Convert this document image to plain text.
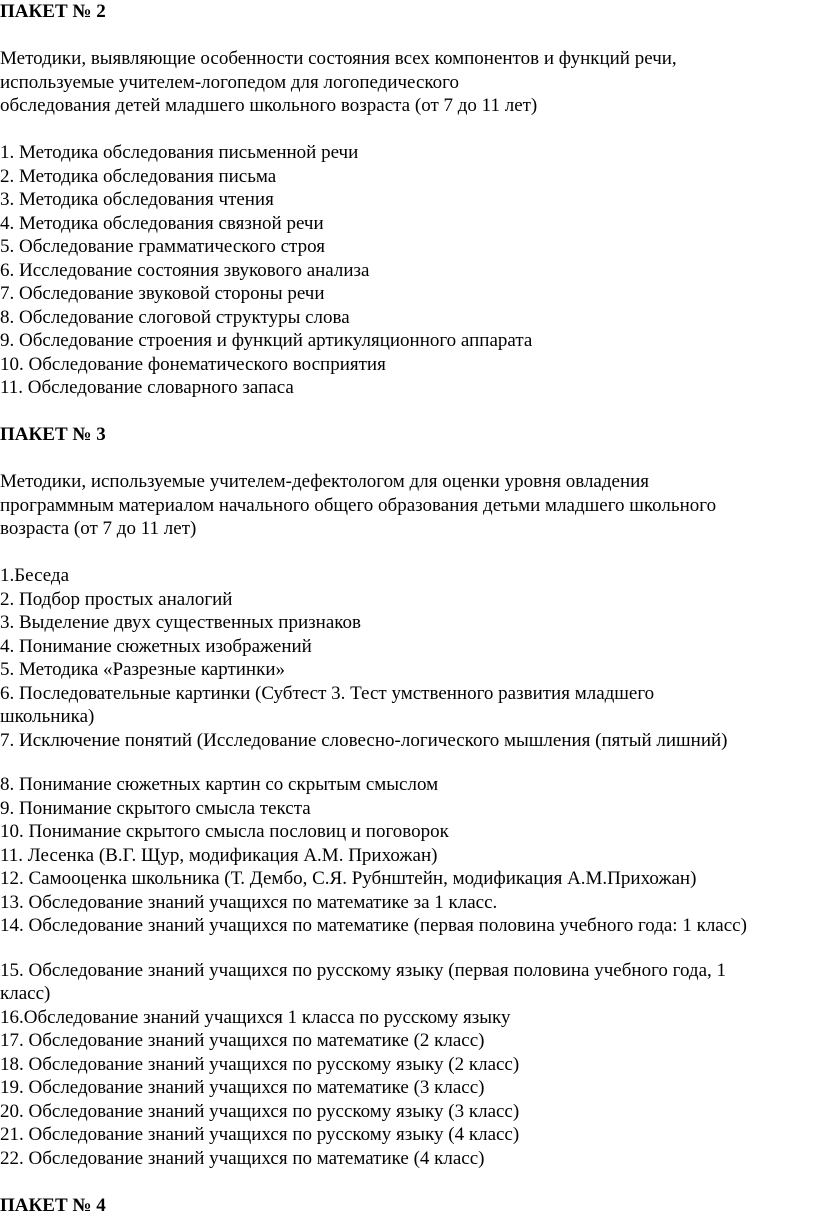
ПАКЕТ № 2
Методики, выявляющие особенности состояния всех компонентов и функций речи,
используемые учителем-логопедом для логопедического
обследования детей младшего школьного возраста (от 7 до 11 лет)
1. Методика обследования письменной речи
2. Методика обследования письма
3. Методика обследования чтения
4. Методика обследования связной речи
5. Обследование грамматического строя
6. Исследование состояния звукового анализа
7. Обследование звуковой стороны речи
8. Обследование слоговой структуры слова
9. Обследование строения и функций артикуляционного аппарата
10. Обследование фонематического восприятия
11. Обследование словарного запаса
ПАКЕТ № 3
Методики, используемые учителем-дефектологом для оценки уровня овладения
программным материалом начального общего образования детьми младшего школьного
возраста (от 7 до 11 лет)
1.Беседа
2. Подбор простых аналогий
3. Выделение двух существенных признаков
4. Понимание сюжетных изображений
5. Методика «Разрезные картинки»
6. Последовательные картинки (Субтест 3. Тест умственного развития младшего
школьника)
7. Исключение понятий (Исследование словесно-логического мышления (пятый лишний)
8. Понимание сюжетных картин со скрытым смыслом
9. Понимание скрытого смысла текста
10. Понимание скрытого смысла пословиц и поговорок
11. Лесенка (В.Г. Щур, модификация А.М. Прихожан)
12. Самооценка школьника (Т. Дембо, С.Я. Рубнштейн, модификация А.М.Прихожан)
13. Обследование знаний учащихся по математике за 1 класс.
14. Обследование знаний учащихся по математике (первая половина учебного года: 1 класс)
15. Обследование знаний учащихся по русскому языку (первая половина учебного года, 1
класс)
16.Обследование знаний учащихся 1 класса по русскому языку
17. Обследование знаний учащихся по математике (2 класс)
18. Обследование знаний учащихся по русскому языку (2 класс)
19. Обследование знаний учащихся по математике (3 класс)
20. Обследование знаний учащихся по русскому языку (3 класс)
21. Обследование знаний учащихся по русскому языку (4 класс)
22. Обследование знаний учащихся по математике (4 класс)
ПАКЕТ № 4
